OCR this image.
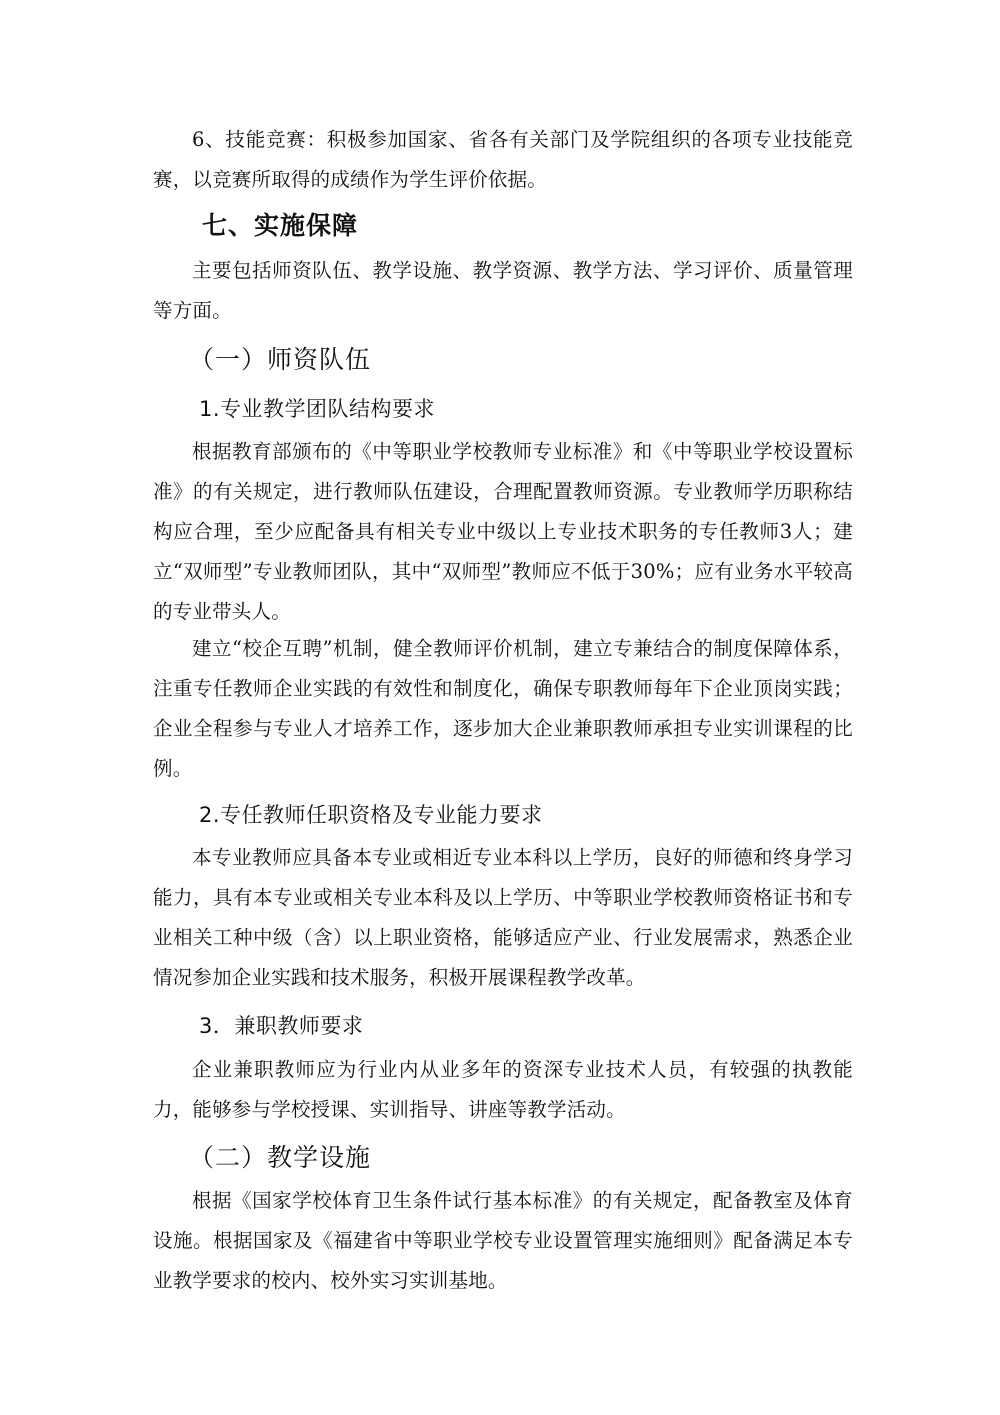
6、技能竞赛：积极参加国家、省各有关部门及学院组织的各项专业技能竞赛，以竞赛所取得的成绩作为学生评价依据。

七、实施保障

主要包括师资队伍、教学设施、教学资源、教学方法、学习评价、质量管理等方面。

（一）师资队伍
1.专业教学团队结构要求

根据教育部颁布的《中等职业学校教师专业标准》和《中等职业学校设置标准》的有关规定，进行教师队伍建设，合理配置教师资源。专业教师学历职称结构应合理，至少应配备具有相关专业中级以上专业技术职务的专任教师3人；建立“双师型”专业教师团队，其中“双师型”教师应不低于30%；应有业务水平较高的专业带头人。

建立“校企互聘”机制，健全教师评价机制，建立专兼结合的制度保障体系，注重专任教师企业实践的有效性和制度化，确保专职教师每年下企业顶岗实践；企业全程参与专业人才培养工作，逐步加大企业兼职教师承担专业实训课程的比例。

2.专任教师任职资格及专业能力要求

本专业教师应具备本专业或相近专业本科以上学历，良好的师德和终身学习能力，具有本专业或相关专业本科及以上学历、中等职业学校教师资格证书和专业相关工种中级（含）以上职业资格，能够适应产业、行业发展需求，熟悉企业情况参加企业实践和技术服务，积极开展课程教学改革。

3．兼职教师要求

企业兼职教师应为行业内从业多年的资深专业技术人员，有较强的执教能力，能够参与学校授课、实训指导、讲座等教学活动。

（二）教学设施

根据《国家学校体育卫生条件试行基本标准》的有关规定，配备教室及体育设施。根据国家及《福建省中等职业学校专业设置管理实施细则》配备满足本专业教学要求的校内、校外实习实训基地。
